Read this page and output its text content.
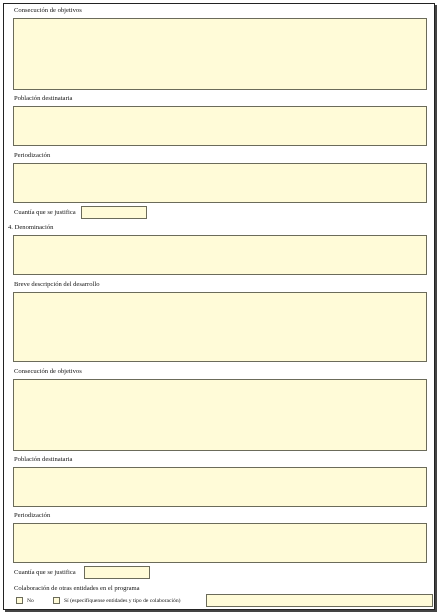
Consecución de objetivos
Población destinataria
Periodización
Cuantía que se justifica
4. Denominación
Breve descripción del desarrollo
Consecución de objetivos
Población destinataria
Periodización
Cuantía que se justifica
Colaboración de otras entidades en el programa
No	Sí (especifíquense entidades y tipo de colaboración)
